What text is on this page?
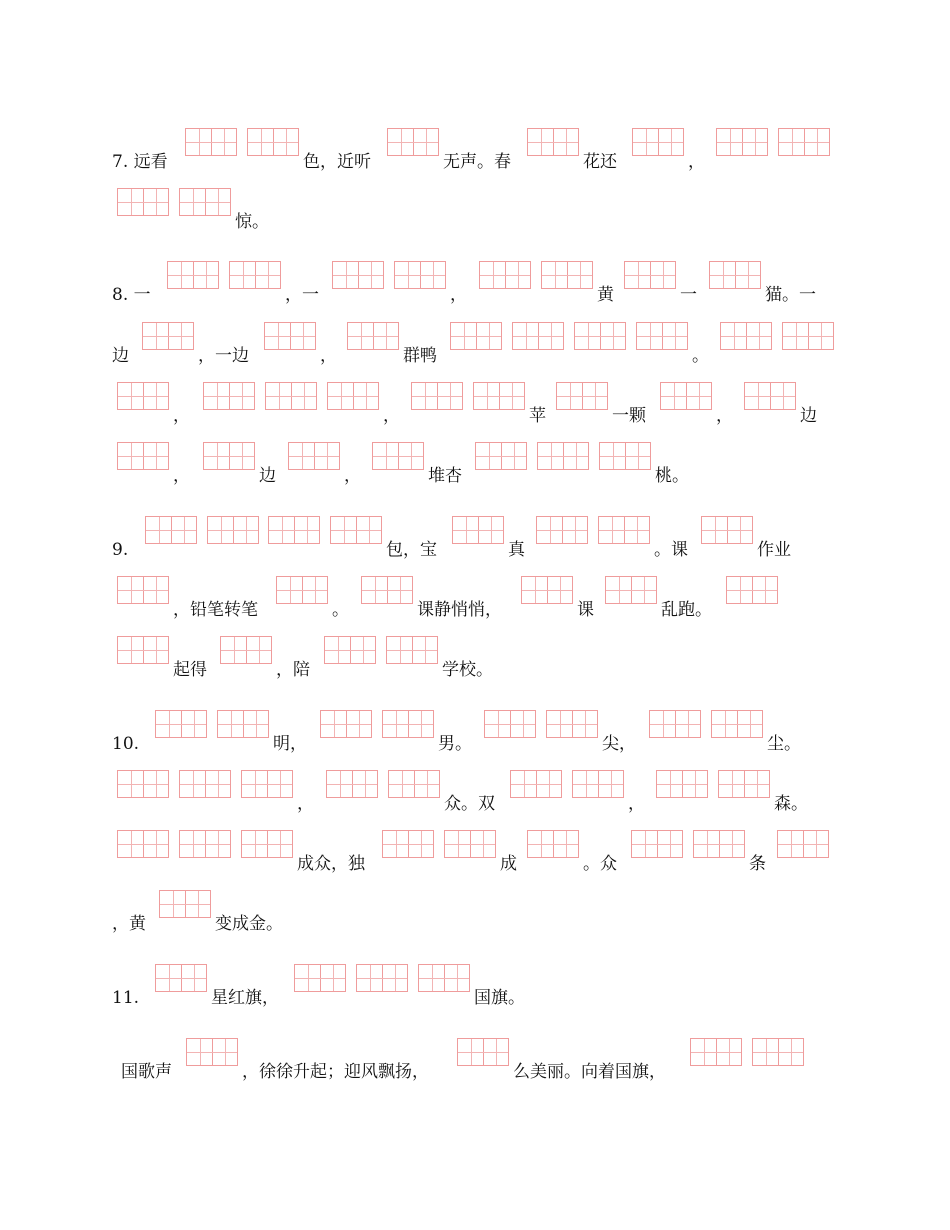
7. 远看	色，近听	无声。春	花还	，
惊。
8. 一	，一	，	黄	一	猫。一
边	，一边	，	群鸭	。
，	，	苹	一颗	，	边
，	边	，	堆杏	桃。
9.	包，宝	真	。课	作业
，铅笔转笔	。	课静悄悄，	课	乱跑。
起得	，陪	学校。
10.	明，	男。	尖，	尘。
，	众。双	，	森。
成众，独	成	。众	条
，黄	变成金。
11.	星红旗，	国旗。
国歌声	，徐徐升起；迎风飘扬，	么美丽。向着国旗，
